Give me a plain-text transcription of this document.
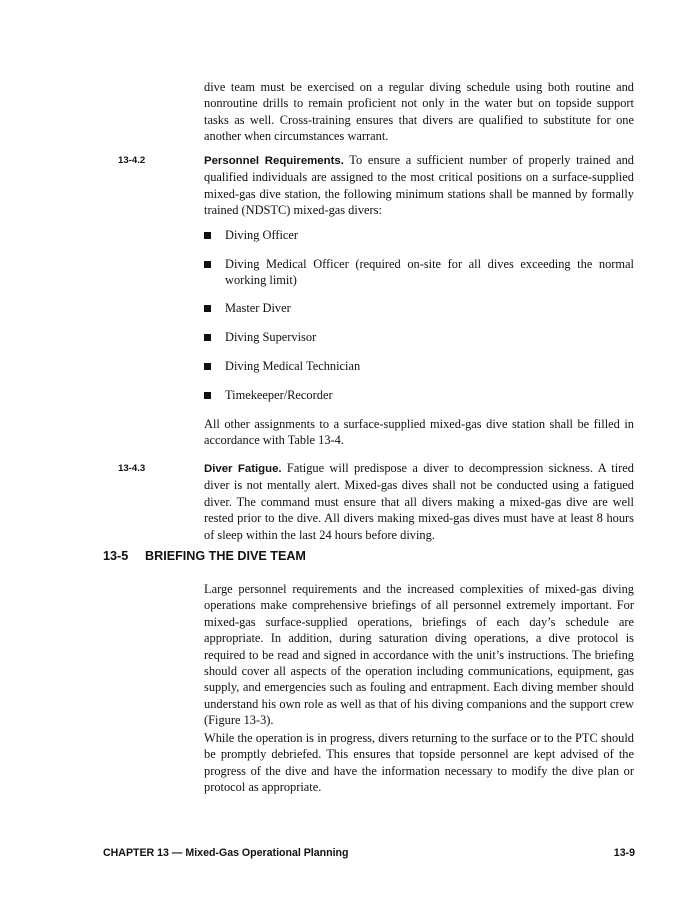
dive team must be exercised on a regular diving schedule using both routine and nonroutine drills to remain proficient not only in the water but on topside support tasks as well. Cross-training ensures that divers are qualified to substitute for one another when circumstances warrant.

13-4.2	Personnel Requirements. To ensure a sufficient number of properly trained and qualified individuals are assigned to the most critical positions on a surface-supplied mixed-gas dive station, the following minimum stations shall be manned by formally trained (NDSTC) mixed-gas divers:

Diving Officer
Diving Medical Officer (required on-site for all dives exceeding the normal working limit)
Master Diver
Diving Supervisor
Diving Medical Technician
Timekeeper/Recorder

All other assignments to a surface-supplied mixed-gas dive station shall be filled in accordance with Table 13-4.

13-4.3	Diver Fatigue. Fatigue will predispose a diver to decompression sickness. A tired diver is not mentally alert. Mixed-gas dives shall not be conducted using a fatigued diver. The command must ensure that all divers making a mixed-gas dive are well rested prior to the dive. All divers making mixed-gas dives must have at least 8 hours of sleep within the last 24 hours before diving.

13-5 BRIEFING THE DIVE TEAM

Large personnel requirements and the increased complexities of mixed-gas diving operations make comprehensive briefings of all personnel extremely important. For mixed-gas surface-supplied operations, briefings of each day’s schedule are appropriate. In addition, during saturation diving operations, a dive protocol is required to be read and signed in accordance with the unit’s instructions. The briefing should cover all aspects of the operation including communications, equipment, gas supply, and emergencies such as fouling and entrapment. Each diving member should understand his own role as well as that of his diving companions and the support crew (Figure 13-3).

While the operation is in progress, divers returning to the surface or to the PTC should be promptly debriefed. This ensures that topside personnel are kept advised of the progress of the dive and have the information necessary to modify the dive plan or protocol as appropriate.

CHAPTER 13 — Mixed-Gas Operational Planning	13-9
